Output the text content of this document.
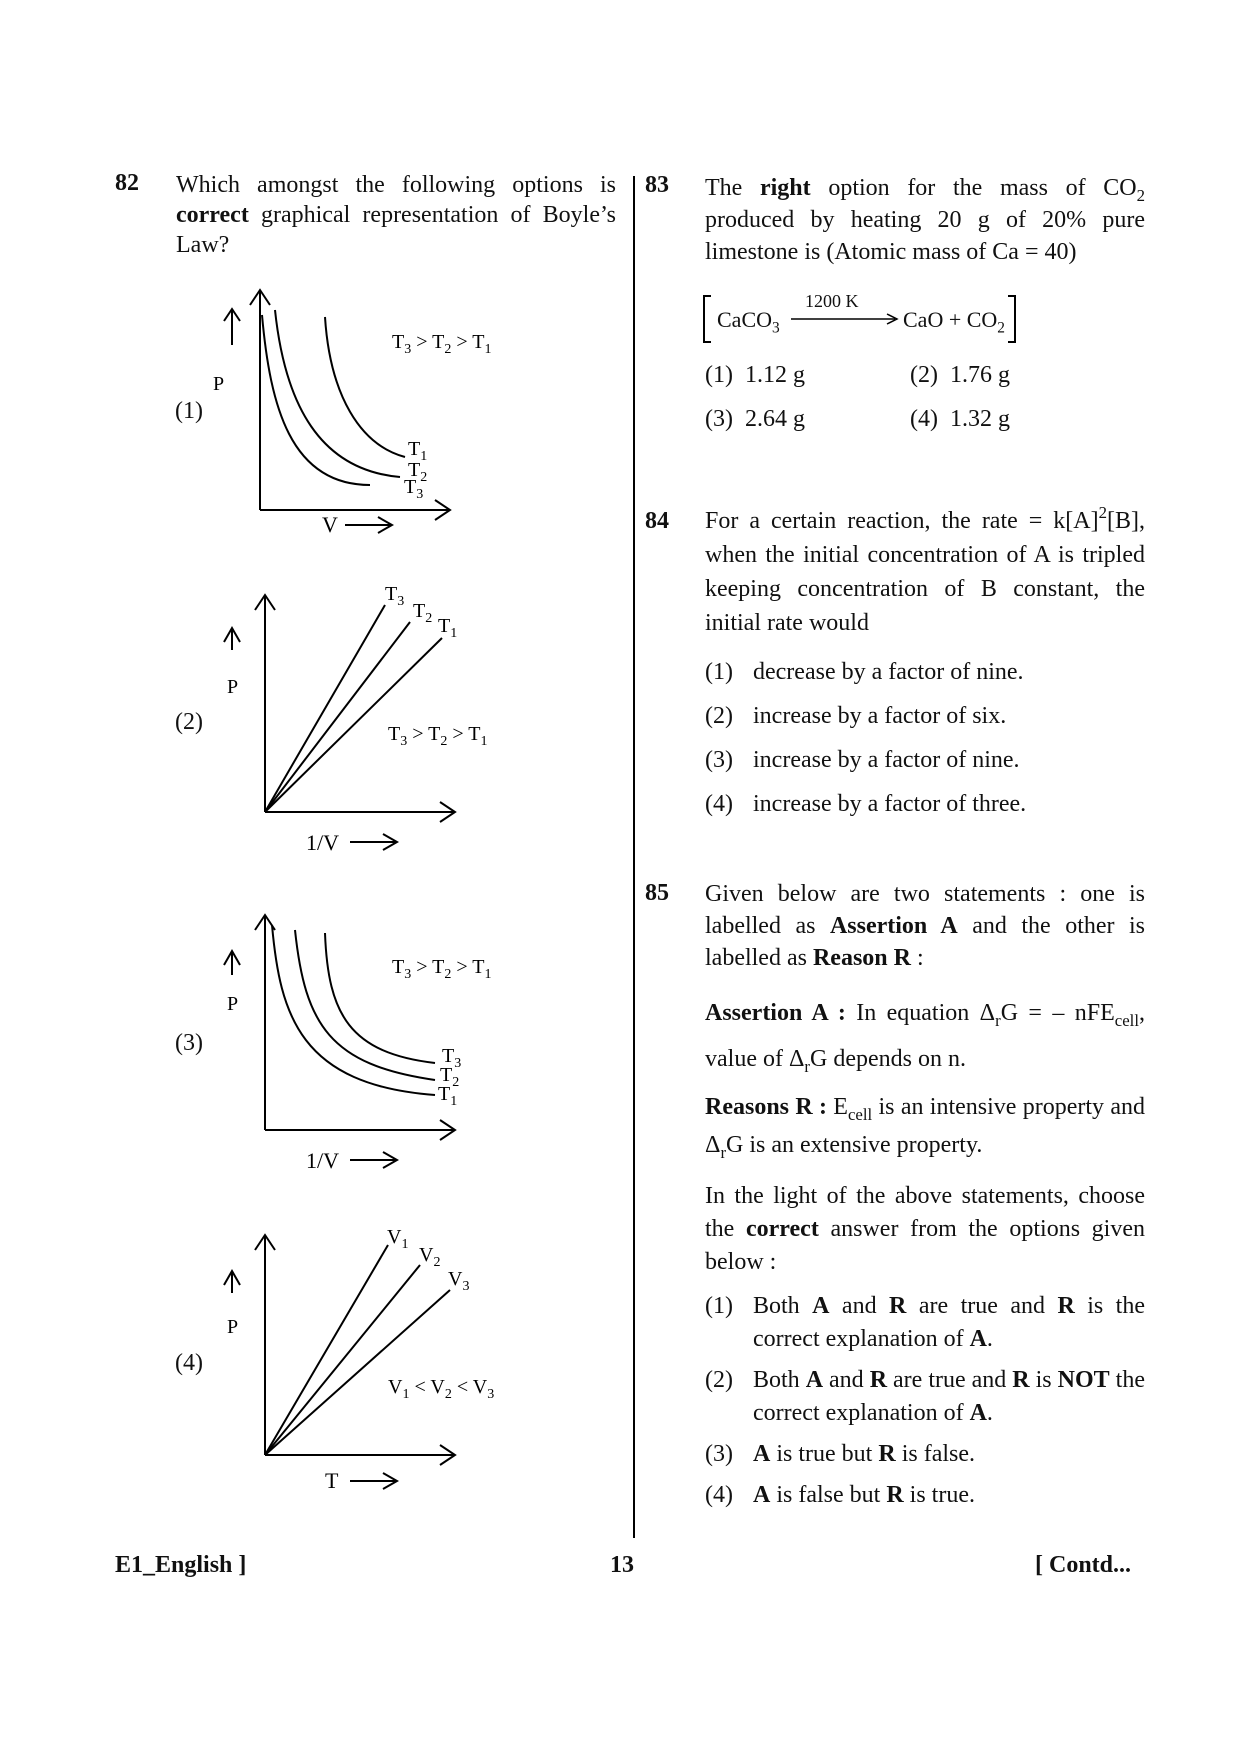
82 Which amongst the following options is correct graphical representation of Boyle’s Law?
(1)
P
V
$T_3 > T_2 > T_1$
$T_1$
$T_2$
$T_3$
(2)
P
1/V
$T_3 > T_2 > T_1$
$T_3$ $T_2$ $T_1$
(3)
P
1/V
$T_3 > T_2 > T_1$
$T_3$
$T_2$
$T_1$
(4)
P
T
$V_1 < V_2 < V_3$
$V_1$ $V_2$
$V_3$
83 The right option for the mass of $CO_2$ produced by heating 20 g of 20% pure limestone is (Atomic mass of Ca = 40)
CaCO$_3$
1200 K
CaO + $CO_2$
(1) 1.12 g	(2) 1.76 g
(3) 2.64 g	(4) 1.32 g
84 For a certain reaction, the rate = $k[A]^2[B]$, when the initial concentration of A is tripled keeping concentration of B constant, the initial rate would
(1) decrease by a factor of nine.
(2) increase by a factor of six.
(3) increase by a factor of nine.
(4) increase by a factor of three.
85 Given below are two statements : one is labelled as Assertion A and the other is labelled as Reason R :
Assertion A : In equation $\Delta_rG$ = – nFE$_{cell}$, value of $\Delta_rG$ depends on n.
Reasons R : $E_{cell}$ is an intensive property and $\Delta_rG$ is an extensive property.
In the light of the above statements, choose the correct answer from the options given below :
(1) Both A and R are true and R is the correct explanation of A.
(2) Both A and R are true and R is NOT the correct explanation of A.
(3) A is true but R is false.
(4) A is false but R is true.
E1_English ]	13	[ Contd...
